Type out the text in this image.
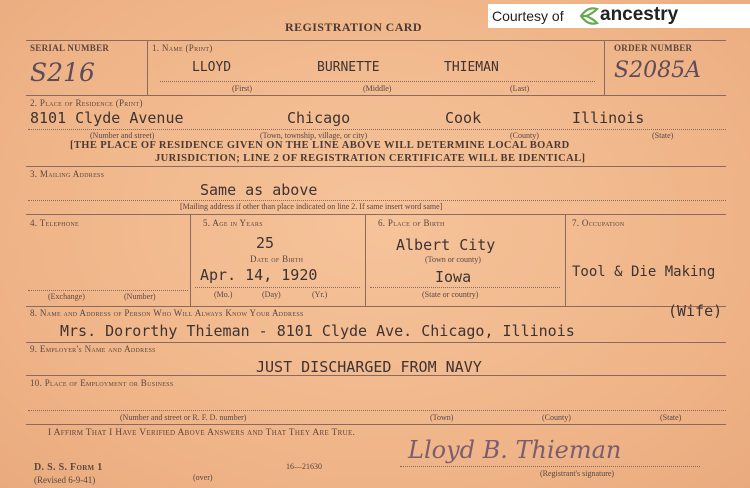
Courtesy of ancestry
REGISTRATION CARD
SERIAL NUMBER
S216
1. Name (Print)
LLOYD	BURNETTE	THIEMAN
(First)	(Middle)	(Last)
ORDER NUMBER
S2085A
2. Place of Residence (Print)
8101 Clyde Avenue	Chicago	Cook	Illinois
(Number and street)	(Town, township, village, or city)	(County)	(State)
[THE PLACE OF RESIDENCE GIVEN ON THE LINE ABOVE WILL DETERMINE LOCAL BOARD
JURISDICTION; LINE 2 OF REGISTRATION CERTIFICATE WILL BE IDENTICAL]
3. Mailing Address
Same as above
[Mailing address if other than place indicated on line 2. If same insert word same]
4. Telephone
(Exchange)	(Number)
5. Age in Years
25
Date of Birth
Apr. 14, 1920
(Mo.)	(Day)	(Yr.)
6. Place of Birth
Albert City
(Town or county)
Iowa
(State or country)
7. Occupation
Tool & Die Making
8. Name and Address of Person Who Will Always Know Your Address	(Wife)
Mrs. Dororthy Thieman - 8101 Clyde Ave. Chicago, Illinois
9. Employer's Name and Address
JUST DISCHARGED FROM NAVY
10. Place of Employment or Business
(Number and street or R. F. D. number)	(Town)	(County)	(State)
I Affirm That I Have Verified Above Answers and That They Are True.
Lloyd B. Thieman
(Registrant's signature)
D. S. S. Form 1
(Revised 6-9-41)	(over)
16—21630
